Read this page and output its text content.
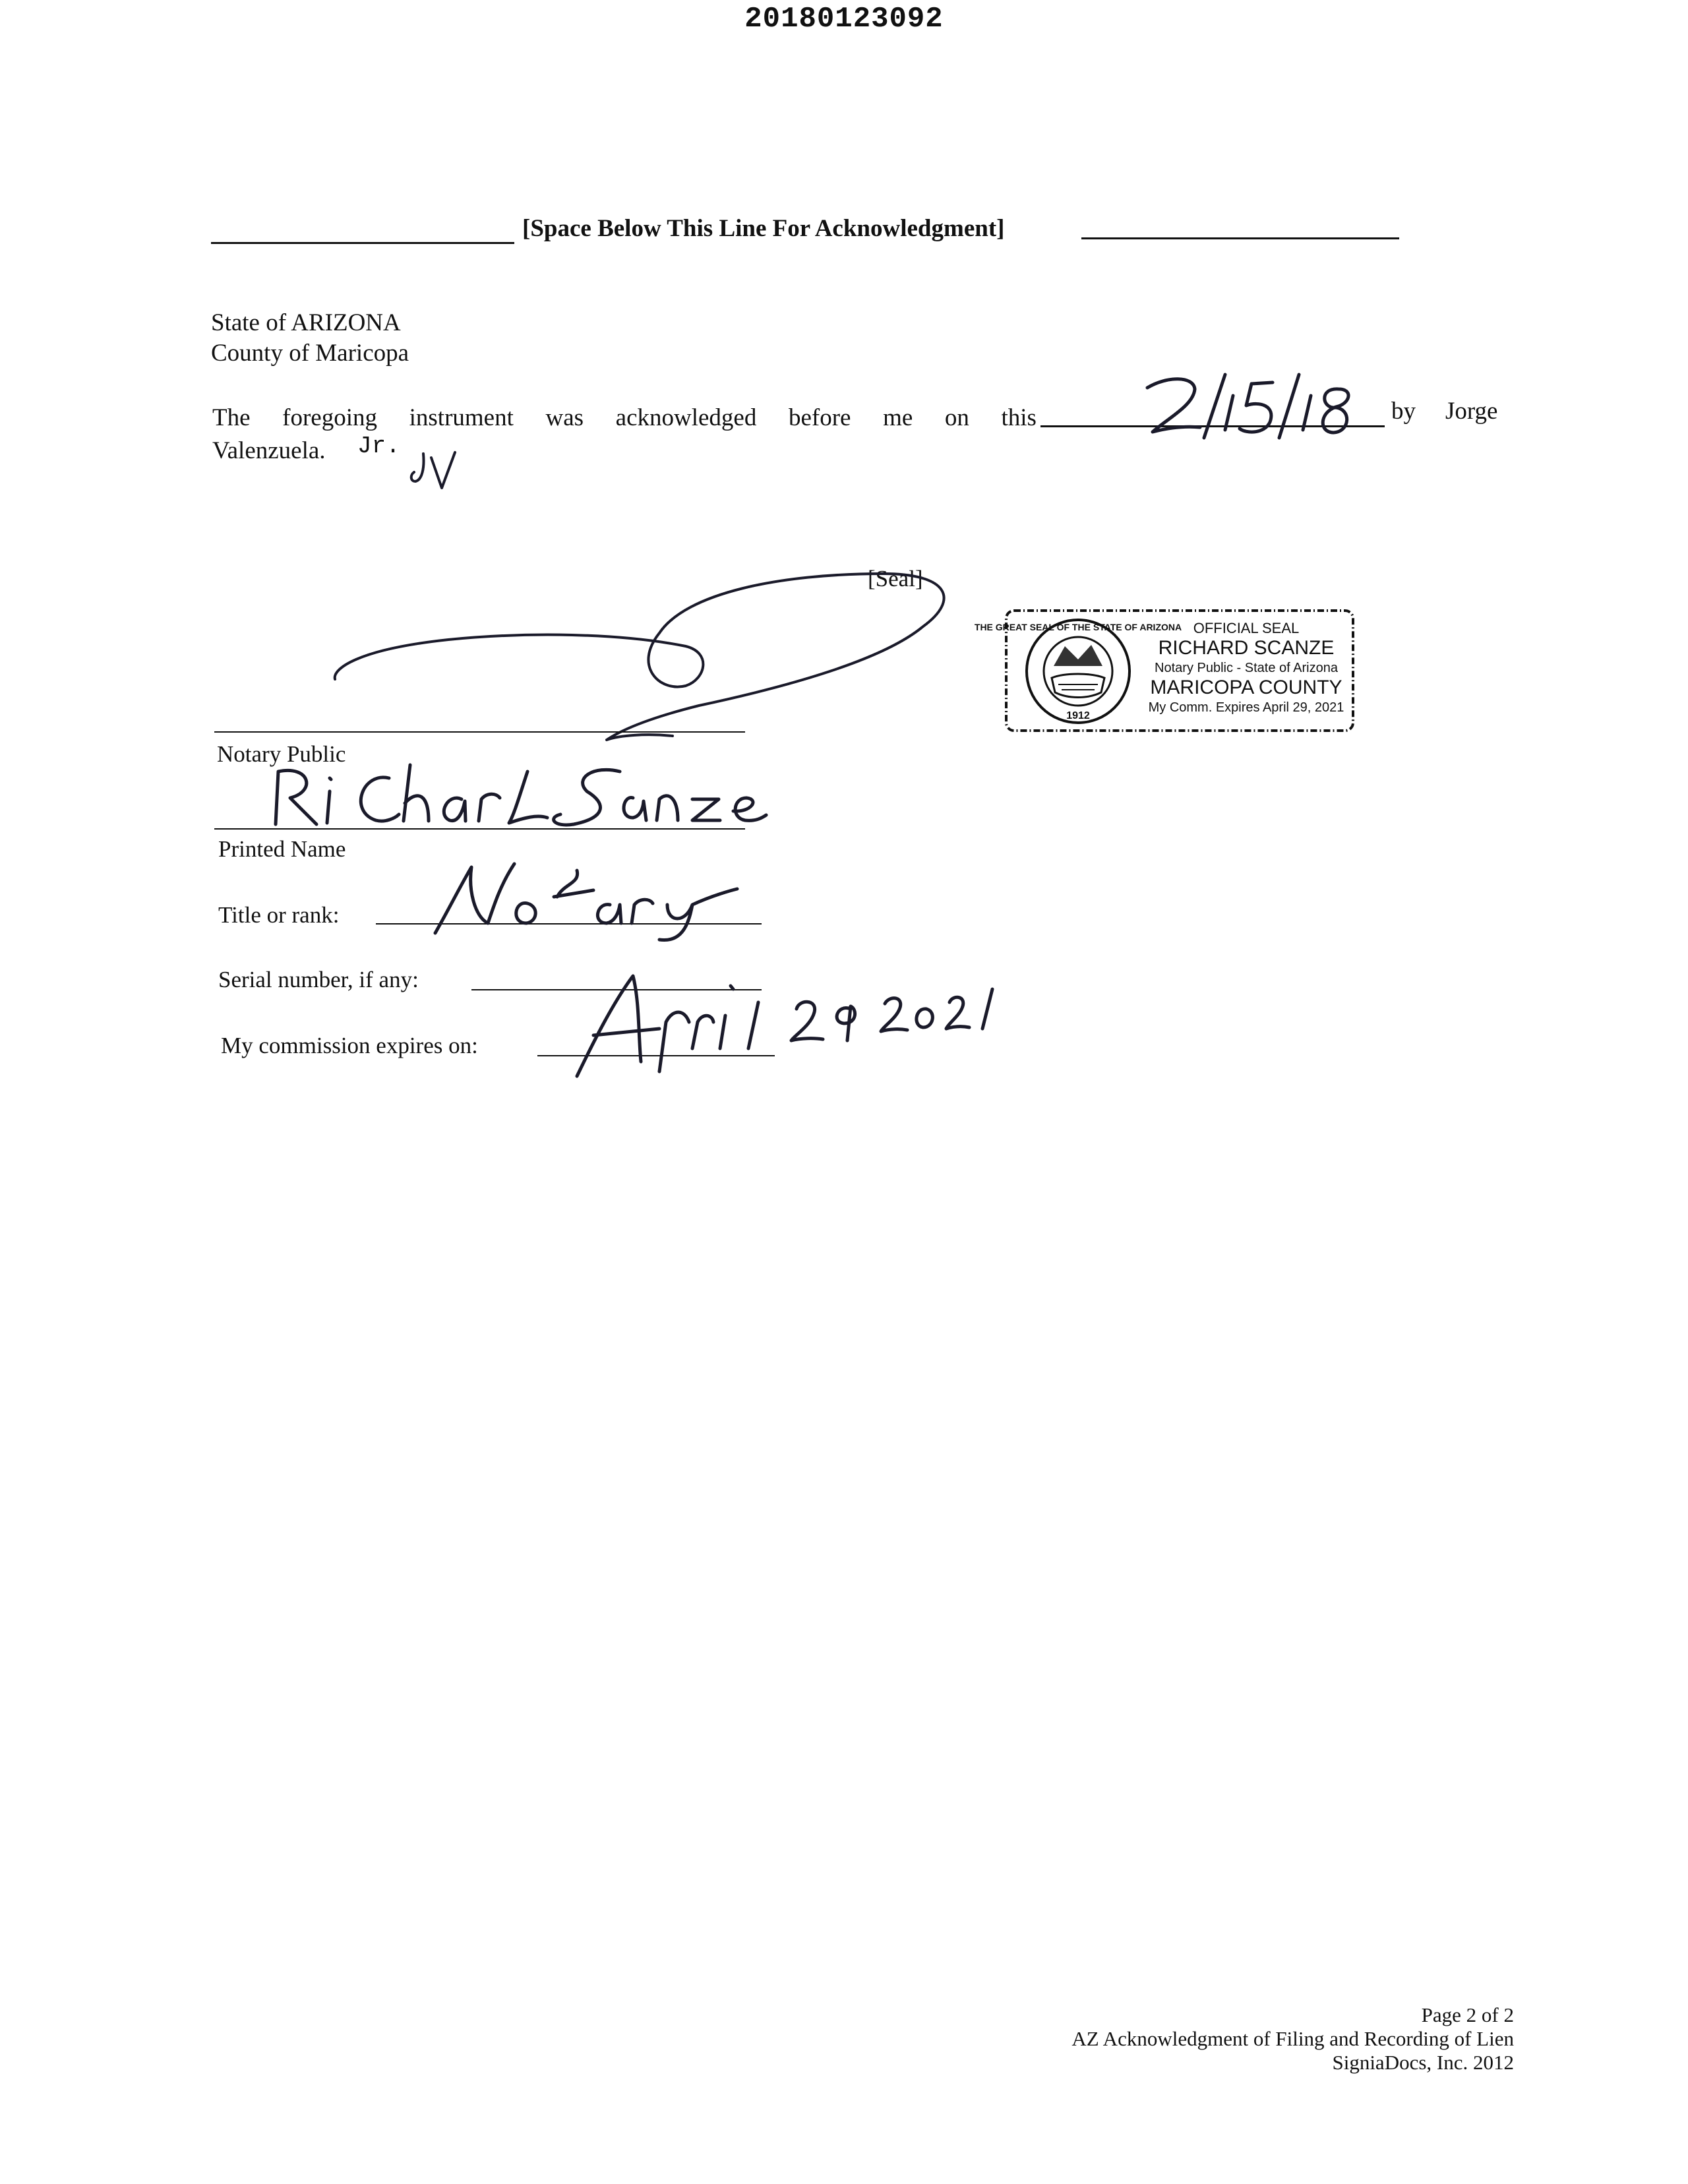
20180123092
[Space Below This Line For Acknowledgment]
State of ARIZONA
County of Maricopa
The foregoing instrument was acknowledged before me on this	by Jorge
Valenzuela. Jr.
[Seal]
Notary Public
Printed Name
Title or rank:
Serial number, if any:
My commission expires on:
THE GREAT SEAL OF THE STATE OF ARIZONA
1912
OFFICIAL SEAL
RICHARD SCANZE
Notary Public - State of Arizona
MARICOPA COUNTY
My Comm. Expires April 29, 2021
Page 2 of 2
AZ Acknowledgment of Filing and Recording of Lien
SigniaDocs, Inc. 2012
